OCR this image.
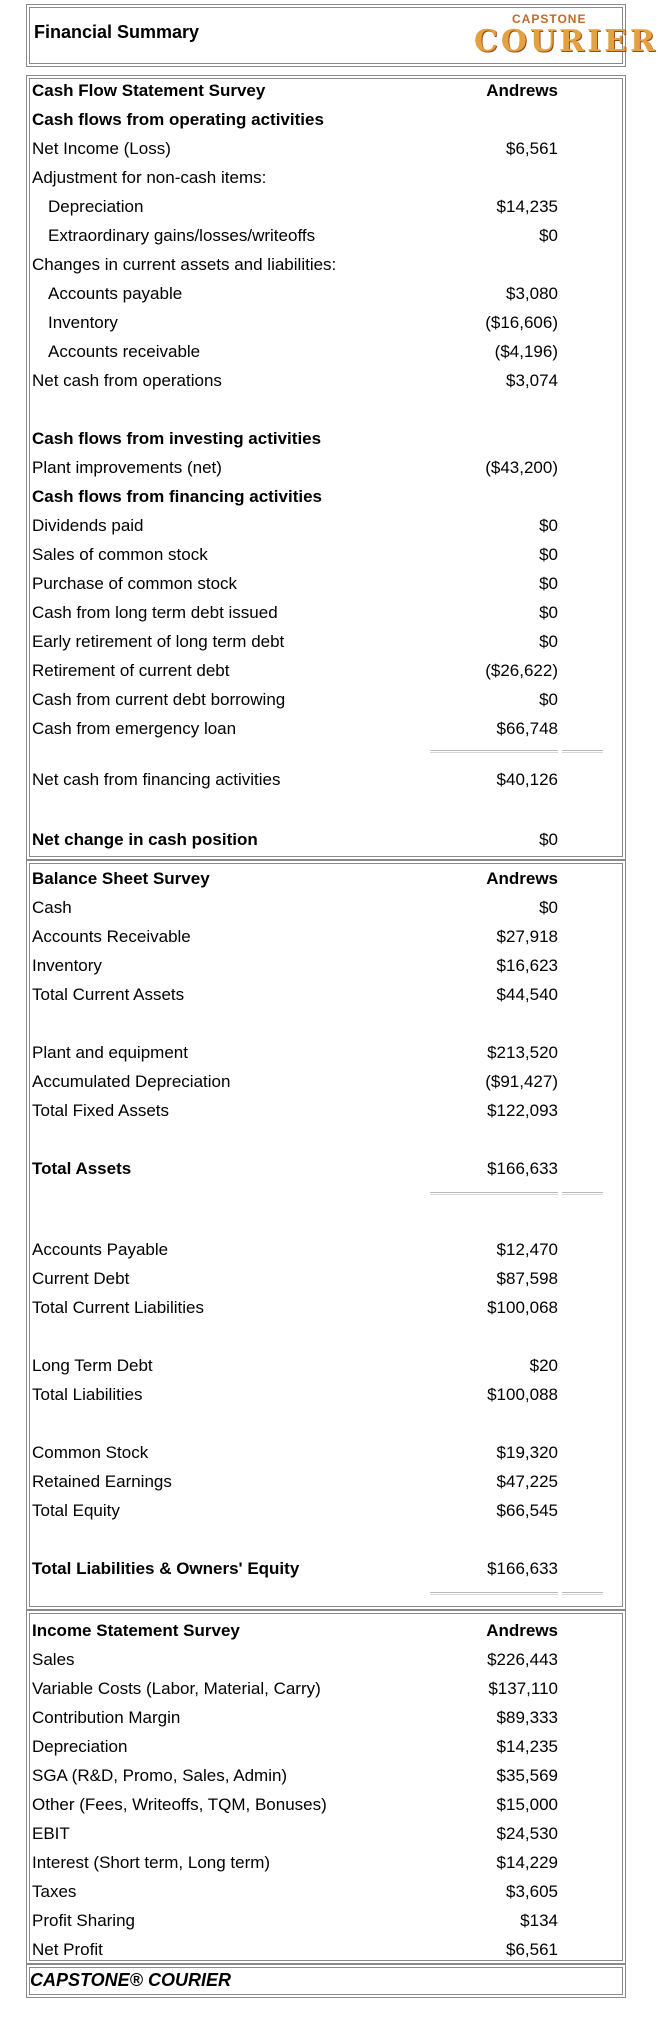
Financial Summary
CAPSTONE
COURIER
Cash Flow Statement Survey	Andrews
Cash flows from operating activities
Net Income (Loss)	$6,561
Adjustment for non-cash items:
Depreciation	$14,235
Extraordinary gains/losses/writeoffs	$0
Changes in current assets and liabilities:
Accounts payable	$3,080
Inventory	($16,606)
Accounts receivable	($4,196)
Net cash from operations	$3,074
Cash flows from investing activities
Plant improvements (net)	($43,200)
Cash flows from financing activities
Dividends paid	$0
Sales of common stock	$0
Purchase of common stock	$0
Cash from long term debt issued	$0
Early retirement of long term debt	$0
Retirement of current debt	($26,622)
Cash from current debt borrowing	$0
Cash from emergency loan	$66,748
Net cash from financing activities	$40,126
Net change in cash position	$0
Balance Sheet Survey	Andrews
Cash	$0
Accounts Receivable	$27,918
Inventory	$16,623
Total Current Assets	$44,540
Plant and equipment	$213,520
Accumulated Depreciation	($91,427)
Total Fixed Assets	$122,093
Total Assets	$166,633
Accounts Payable	$12,470
Current Debt	$87,598
Total Current Liabilities	$100,068
Long Term Debt	$20
Total Liabilities	$100,088
Common Stock	$19,320
Retained Earnings	$47,225
Total Equity	$66,545
Total Liabilities & Owners' Equity	$166,633
Income Statement Survey	Andrews
Sales	$226,443
Variable Costs (Labor, Material, Carry)	$137,110
Contribution Margin	$89,333
Depreciation	$14,235
SGA (R&D, Promo, Sales, Admin)	$35,569
Other (Fees, Writeoffs, TQM, Bonuses)	$15,000
EBIT	$24,530
Interest (Short term, Long term)	$14,229
Taxes	$3,605
Profit Sharing	$134
Net Profit	$6,561
CAPSTONE® COURIER
